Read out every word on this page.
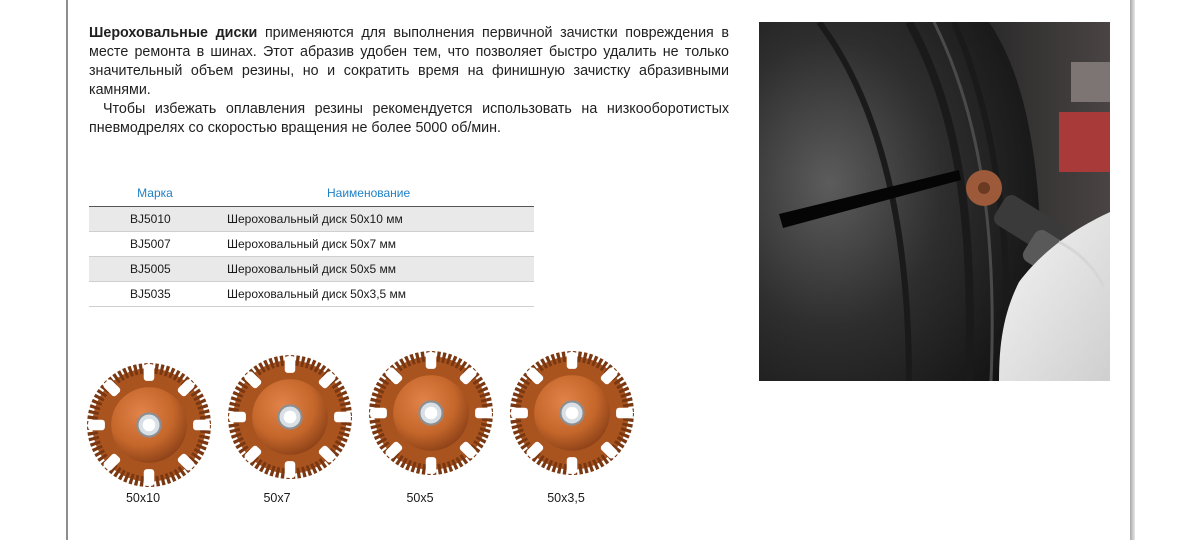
Шероховальные диски применяются для выполнения первичной зачистки повреждения в месте ремонта в шинах. Этот абразив удобен тем, что позволяет быстро удалить не только значительный объем резины, но и сократить время на финишную зачистку абразивными камнями.

Чтобы избежать оплавления резины рекомендуется использовать на низкооборотистых пневмодрелях со скоростью вращения не более 5000 об/мин.

Марка	Наименование
BJ5010	Шероховальный диск 50x10 мм
BJ5007	Шероховальный диск 50x7 мм
BJ5005	Шероховальный диск 50x5 мм
BJ5035	Шероховальный диск 50x3,5 мм
50x10	50x7	50x5	50x3,5
